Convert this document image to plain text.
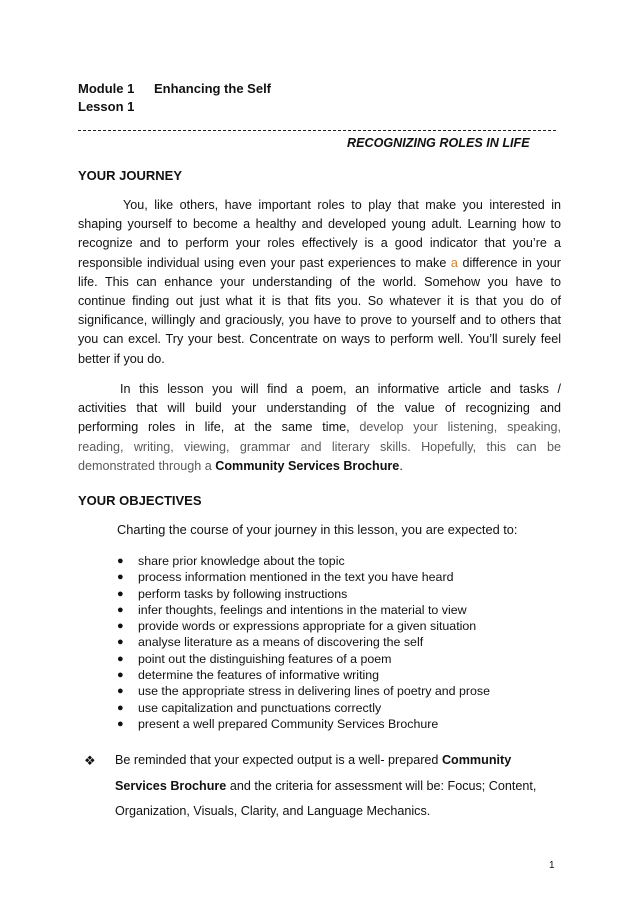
Module 1 Enhancing the Self
Lesson 1
RECOGNIZING ROLES IN LIFE
YOUR JOURNEY
You, like others, have important roles to play that make you interested in
shaping yourself to become a healthy and developed young adult. Learning how to
recognize and to perform your roles effectively is a good indicator that you’re a
responsible individual using even your past experiences to make a difference in your
life. This can enhance your understanding of the world. Somehow you have to
continue finding out just what it is that fits you. So whatever it is that you do of
significance, willingly and graciously, you have to prove to yourself and to others that
you can excel. Try your best. Concentrate on ways to perform well. You’ll surely feel
better if you do.
In this lesson you will find a poem, an informative article and tasks /
activities that will build your understanding of the value of recognizing and
performing roles in life, at the same time, develop your listening, speaking,
reading, writing, viewing, grammar and literary skills. Hopefully, this can be
demonstrated through a Community Services Brochure.
YOUR OBJECTIVES
Charting the course of your journey in this lesson, you are expected to:
● share prior knowledge about the topic
● process information mentioned in the text you have heard
● perform tasks by following instructions
● infer thoughts, feelings and intentions in the material to view
● provide words or expressions appropriate for a given situation
● analyse literature as a means of discovering the self
● point out the distinguishing features of a poem
● determine the features of informative writing
● use the appropriate stress in delivering lines of poetry and prose
● use capitalization and punctuations correctly
● present a well prepared Community Services Brochure
❖ Be reminded that your expected output is a well- prepared Community
Services Brochure and the criteria for assessment will be: Focus; Content,
Organization, Visuals, Clarity, and Language Mechanics.
1
